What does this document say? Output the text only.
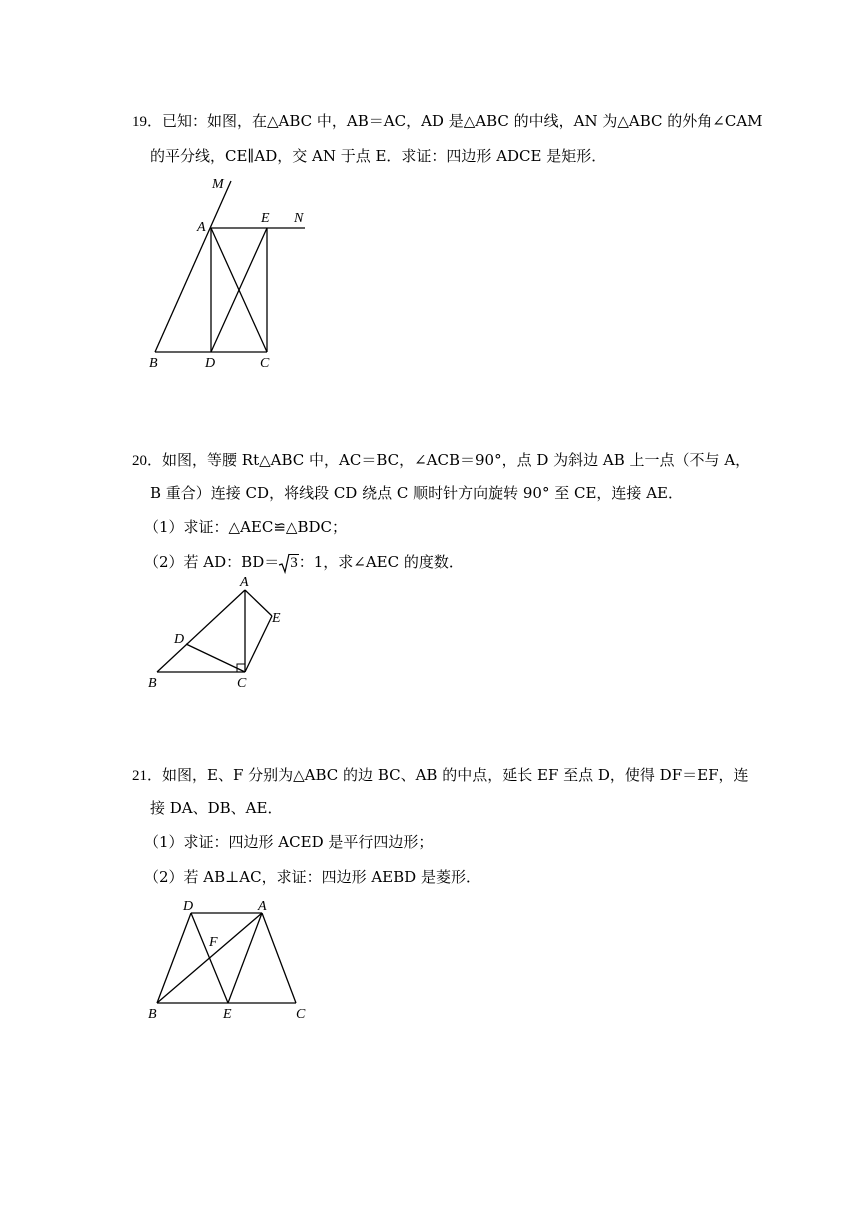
19．已知：如图，在△ABC 中，AB＝AC，AD 是△ABC 的中线，AN 为△ABC 的外角∠CAM
的平分线，CE∥AD，交 AN 于点 E．求证：四边形 ADCE 是矩形．
M
A
E N
B	D	C
20．如图，等腰 Rt△ABC 中，AC＝BC，∠ACB＝90°，点 D 为斜边 AB 上一点（不与 A，
B 重合）连接 CD，将线段 CD 绕点 C 顺时针方向旋转 90° 至 CE，连接 AE．
（1）求证：△AEC≌△BDC；
（2）若 AD：BD＝ 3：1，求∠AEC 的度数．
A
E
D
B	C
21．如图，E、F 分别为△ABC 的边 BC、AB 的中点，延长 EF 至点 D，使得 DF＝EF，连
接 DA、DB、AE．
（1）求证：四边形 ACED 是平行四边形；
（2）若 AB⊥AC，求证：四边形 AEBD 是菱形．
D	A
F
B	E	C
